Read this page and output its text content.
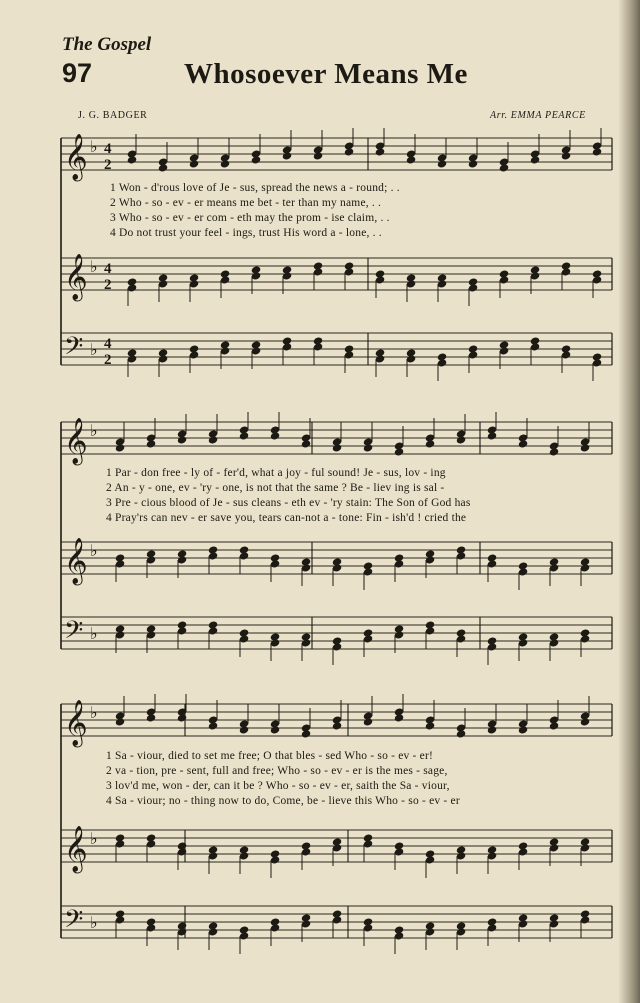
The Gospel
97	Whosoever Means Me
J. G. BADGER	Arr. EMMA PEARCE
𝄞 ♭ 4
2
𝄞 ♭ 4
2
𝄢 ♭ 4
2
1 Won - d'rous love of Je - sus, spread the news a - round; . .
2 Who - so - ev - er means me bet - ter than my name, . .
3 Who - so - ev - er com - eth may the prom - ise claim, . .
4 Do not trust your feel - ings, trust His word a - lone, . .
𝄞 ♭
𝄞 ♭
𝄢 ♭
1 Par - don free - ly of - fer'd, what a joy - ful sound! Je - sus, lov - ing
2 An - y - one, ev - 'ry - one, is not that the same ? Be - liev ing is sal -
3 Pre - cious blood of Je - sus cleans - eth ev - 'ry stain: The Son of God has
4 Pray'rs can nev - er save you, tears can-not a - tone: Fin - ish'd ! cried the
𝄞 ♭
𝄞 ♭
𝄢 ♭
1 Sa - viour, died to set me free; O that bles - sed Who - so - ev - er!
2 va - tion, pre - sent, full and free; Who - so - ev - er is the mes - sage,
3 lov'd me, won - der, can it be ? Who - so - ev - er, saith the Sa - viour,
4 Sa - viour; no - thing now to do, Come, be - lieve this Who - so - ev - er
